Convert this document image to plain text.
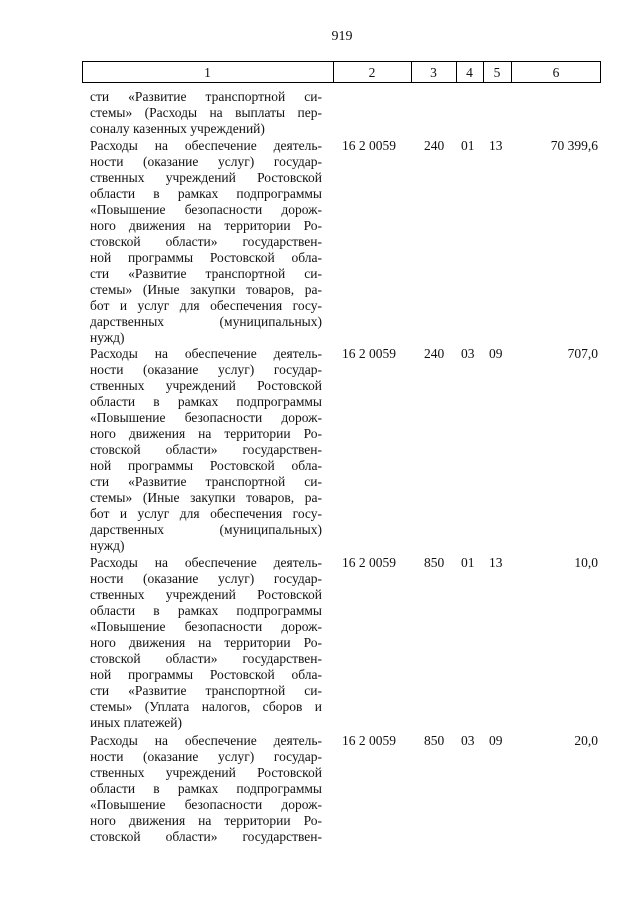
919
1	2	3	4	5	6
сти «Развитие транспортной си-
стемы» (Расходы на выплаты пер-
соналу казенных учреждений)
Расходы на обеспечение деятель-
ности (оказание услуг) государ-
ственных учреждений Ростовской
области в рамках подпрограммы
«Повышение безопасности дорож-
ного движения на территории Ро-
стовской области» государствен-
ной программы Ростовской обла-
сти «Развитие транспортной си-
стемы» (Иные закупки товаров, ра-
бот и услуг для обеспечения госу-
дарственных (муниципальных)
нужд)
16 2 0059 240 01 13	70 399,6
Расходы на обеспечение деятель-
ности (оказание услуг) государ-
ственных учреждений Ростовской
области в рамках подпрограммы
«Повышение безопасности дорож-
ного движения на территории Ро-
стовской области» государствен-
ной программы Ростовской обла-
сти «Развитие транспортной си-
стемы» (Иные закупки товаров, ра-
бот и услуг для обеспечения госу-
дарственных (муниципальных)
нужд)
16 2 0059 240 03 09	707,0
Расходы на обеспечение деятель-
ности (оказание услуг) государ-
ственных учреждений Ростовской
области в рамках подпрограммы
«Повышение безопасности дорож-
ного движения на территории Ро-
стовской области» государствен-
ной программы Ростовской обла-
сти «Развитие транспортной си-
стемы» (Уплата налогов, сборов и
иных платежей)
16 2 0059 850 01 13	10,0
Расходы на обеспечение деятель-
ности (оказание услуг) государ-
ственных учреждений Ростовской
области в рамках подпрограммы
«Повышение безопасности дорож-
ного движения на территории Ро-
стовской области» государствен-
16 2 0059 850 03 09	20,0
